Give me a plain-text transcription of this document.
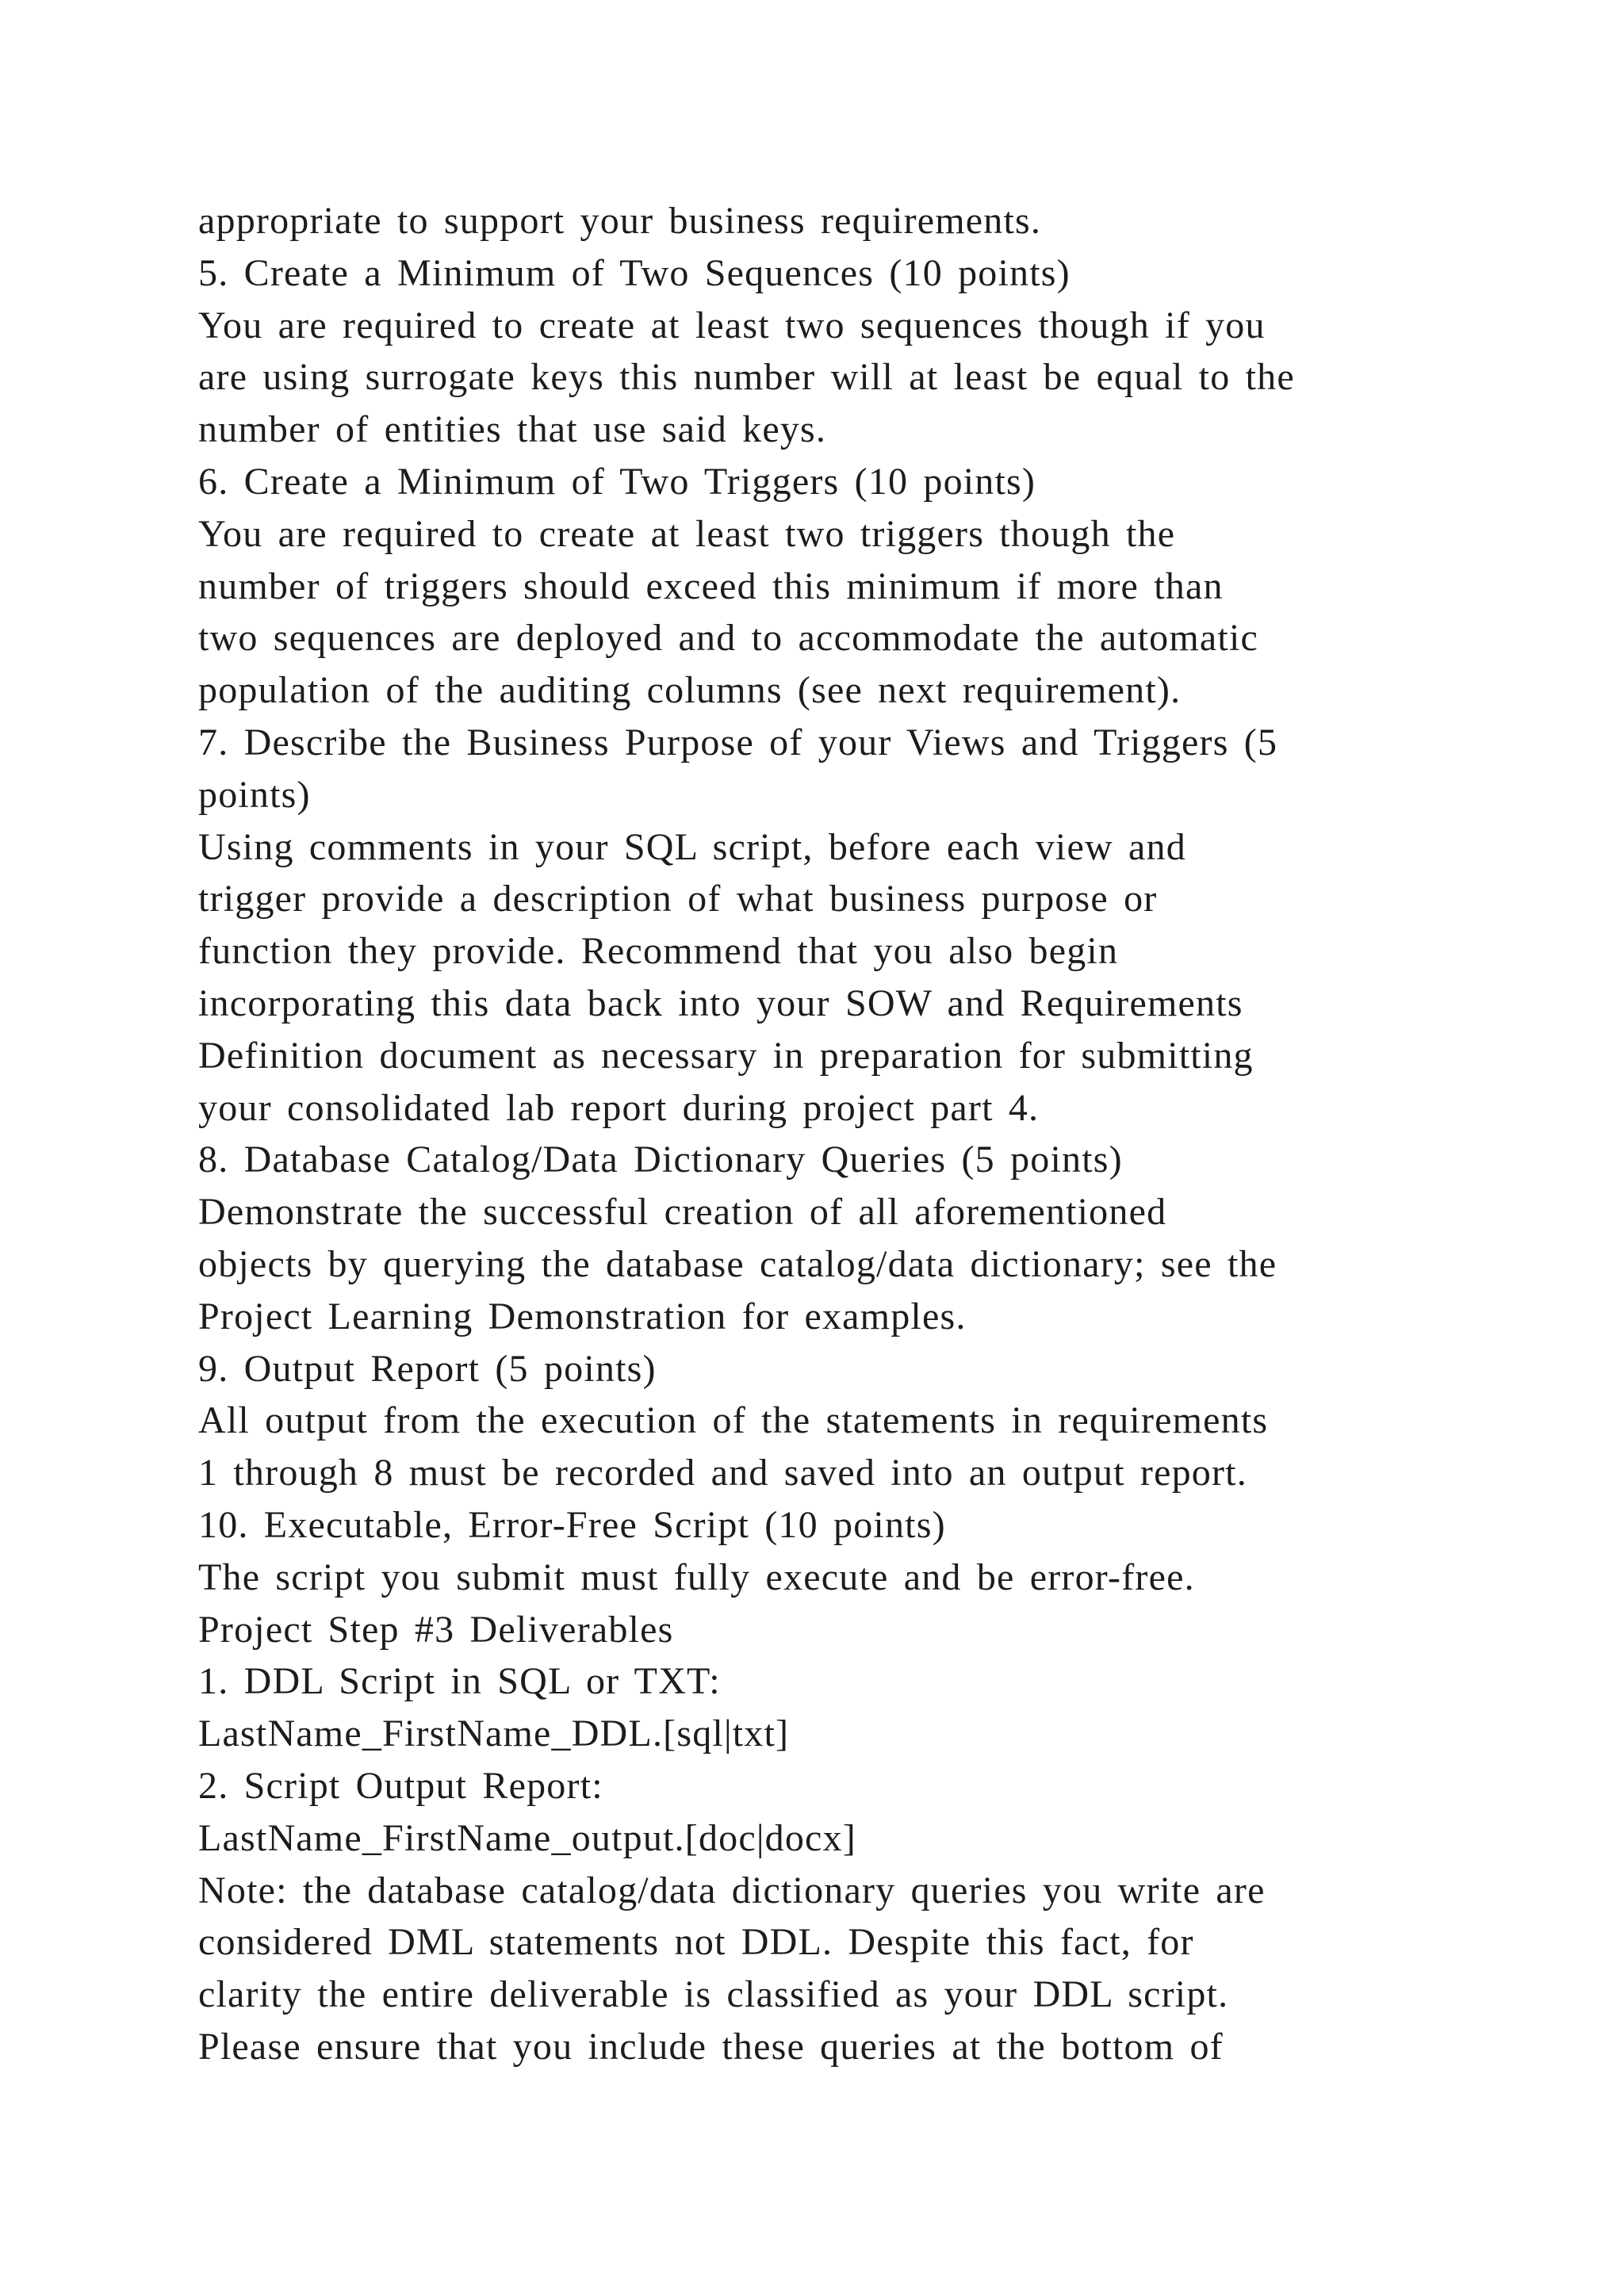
appropriate to support your business requirements.
5. Create a Minimum of Two Sequences (10 points)
You are required to create at least two sequences though if you
are using surrogate keys this number will at least be equal to the
number of entities that use said keys.
6. Create a Minimum of Two Triggers (10 points)
You are required to create at least two triggers though the
number of triggers should exceed this minimum if more than
two sequences are deployed and to accommodate the automatic
population of the auditing columns (see next requirement).
7. Describe the Business Purpose of your Views and Triggers (5
points)
Using comments in your SQL script, before each view and
trigger provide a description of what business purpose or
function they provide. Recommend that you also begin
incorporating this data back into your SOW and Requirements
Definition document as necessary in preparation for submitting
your consolidated lab report during project part 4.
8. Database Catalog/Data Dictionary Queries (5 points)
Demonstrate the successful creation of all aforementioned
objects by querying the database catalog/data dictionary; see the
Project Learning Demonstration for examples.
9. Output Report (5 points)
All output from the execution of the statements in requirements
1 through 8 must be recorded and saved into an output report.
10. Executable, Error-Free Script (10 points)
The script you submit must fully execute and be error-free.
Project Step #3 Deliverables
1. DDL Script in SQL or TXT:
LastName_FirstName_DDL.[sql|txt]
2. Script Output Report:
LastName_FirstName_output.[doc|docx]
Note: the database catalog/data dictionary queries you write are
considered DML statements not DDL. Despite this fact, for
clarity the entire deliverable is classified as your DDL script.
Please ensure that you include these queries at the bottom of
